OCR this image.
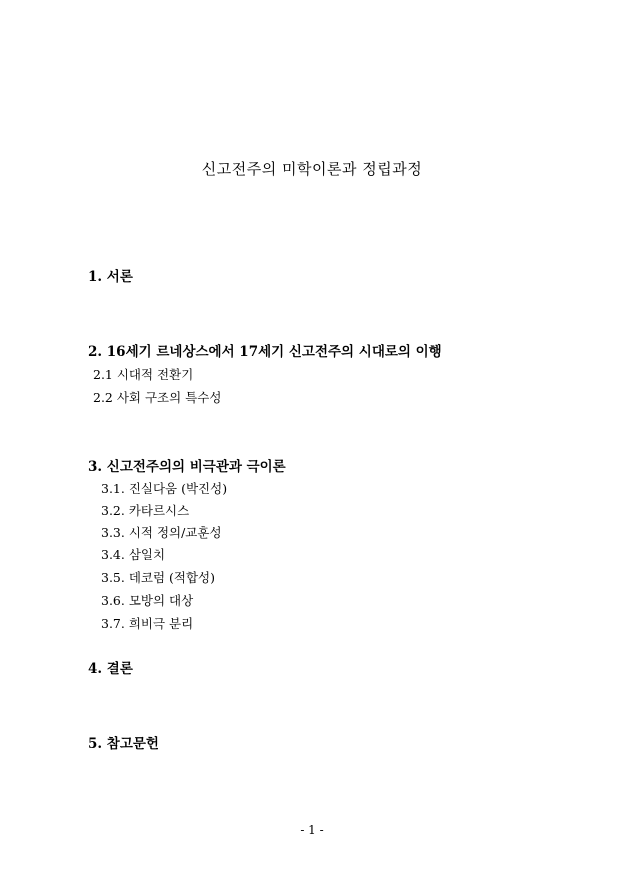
신고전주의 미학이론과 정립과정
1. 서론
2. 16세기 르네상스에서 17세기 신고전주의 시대로의 이행
2.1 시대적 전환기
2.2 사회 구조의 특수성
3. 신고전주의의 비극관과 극이론
3.1. 진실다움 (박진성)
3.2. 카타르시스
3.3. 시적 정의/교훈성
3.4. 삼일치
3.5. 데코럼 (적합성)
3.6. 모방의 대상
3.7. 희비극 분리
4. 결론
5. 참고문헌
- 1 -
